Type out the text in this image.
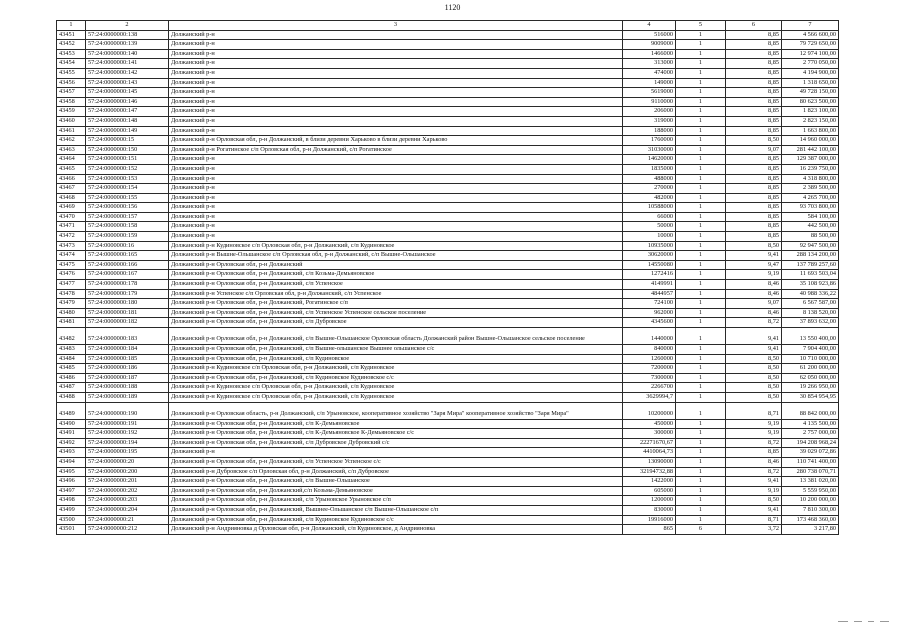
1120
1	2	3	4	5	6	7
43451	57:24:0000000:138	Должанский р-н	516000	1	8,85	4 566 600,00
43452	57:24:0000000:139	Должанский р-н	9009000	1	8,85	79 729 650,00
43453	57:24:0000000:140	Должанский р-н	1466000	1	8,85	12 974 100,00
43454	57:24:0000000:141	Должанский р-н	313000	1	8,85	2 770 050,00
43455	57:24:0000000:142	Должанский р-н	474000	1	8,85	4 194 900,00
43456	57:24:0000000:143	Должанский р-н	149000	1	8,85	1 318 650,00
43457	57:24:0000000:145	Должанский р-н	5619000	1	8,85	49 728 150,00
43458	57:24:0000000:146	Должанский р-н	9110000	1	8,85	80 623 500,00
43459	57:24:0000000:147	Должанский р-н	206000	1	8,85	1 823 100,00
43460	57:24:0000000:148	Должанский р-н	319000	1	8,85	2 823 150,00
43461	57:24:0000000:149	Должанский р-н	188000	1	8,85	1 663 800,00
43462	57:24:0000000:15	Должанский р-н Орловская обл, р-н Должанский, в близи деревни Харьково в близи деревни Харьково	1760000	1	8,50	14 960 000,00
43463	57:24:0000000:150	Должанский р-н Рогатинское с/п Орловская обл, р-н Должанский, с/п Рогатинское	31030000	1	9,07	281 442 100,00
43464	57:24:0000000:151	Должанский р-н	14620000	1	8,85	129 387 000,00
43465	57:24:0000000:152	Должанский р-н	1835000	1	8,85	16 239 750,00
43466	57:24:0000000:153	Должанский р-н	488000	1	8,85	4 318 800,00
43467	57:24:0000000:154	Должанский р-н	270000	1	8,85	2 389 500,00
43468	57:24:0000000:155	Должанский р-н	482000	1	8,85	4 265 700,00
43469	57:24:0000000:156	Должанский р-н	10588000	1	8,85	93 703 800,00
43470	57:24:0000000:157	Должанский р-н	66000	1	8,85	584 100,00
43471	57:24:0000000:158	Должанский р-н	50000	1	8,85	442 500,00
43472	57:24:0000000:159	Должанский р-н	10000	1	8,85	88 500,00
43473	57:24:0000000:16	Должанский р-н Кудиновское с/п Орловская обл, р-н Должанский, с/п Кудиновское	10935000	1	8,50	92 947 500,00
43474	57:24:0000000:165	Должанский р-н Вышне-Ольшанское с/п Орловская обл, р-н Должанский, с/п Вышне-Ольшанское	30620000	1	9,41	288 134 200,00
43475	57:24:0000000:166	Должанский р-н Орловская обл, р-н Должанский	14550080	1	9,47	137 789 257,60
43476	57:24:0000000:167	Должанский р-н Орловская обл, р-н Должанский, с/п Козьма-Демьяновское	1272416	1	9,19	11 693 503,04
43477	57:24:0000000:178	Должанский р-н Орловская обл, р-н Должанский, с/п Успенское	4149991	1	8,46	35 108 923,86
43478	57:24:0000000:179	Должанский р-н Успенское с/п Орловская обл, р-н Должанский, с/п Успенское	4844957	1	8,46	40 988 336,22
43479	57:24:0000000:180	Должанский р-н Орловская обл, р-н Должанский, Рогатинское с/п	724100	1	9,07	6 567 587,00
43480	57:24:0000000:181	Должанский р-н Орловская обл, р-н Должанский, с/п Успенское Успенское сельское поселение	962000	1	8,46	8 138 520,00
43481	57:24:0000000:182	Должанский р-н Орловская обл, р-н Должанский, с/п Дубровское	4345600	1	8,72	37 893 632,00
43482	57:24:0000000:183	Должанский р-н Орловская обл, р-н Должанский, с/п Вышне-Ольшанское Орловская область Должанский район Вышне-Ольшанское сельское поселение	1440000	1	9,41	13 550 400,00
43483	57:24:0000000:184	Должанский р-н Орловская обл, р-н Должанский, с/п Вышне-ольшанское Вышнее ольшанское с/с	840000	1	9,41	7 904 400,00
43484	57:24:0000000:185	Должанский р-н Орловская обл, р-н Должанский, с/п Кудиновское	1260000	1	8,50	10 710 000,00
43485	57:24:0000000:186	Должанский р-н Кудиновское с/п Орловская обл, р-н Должанский, с/п Кудиновское	7200000	1	8,50	61 200 000,00
43486	57:24:0000000:187	Должанский р-н Орловская обл, р-н Должанский, с/п Кудиновское Кудиновское с/с	7300000	1	8,50	62 050 000,00
43487	57:24:0000000:188	Должанский р-н Кудиновское с/п Орловская обл, р-н Должанский, с/п Кудиновское	2266700	1	8,50	19 266 950,00
43488	57:24:0000000:189	Должанский р-н Кудиновское с/п Орловская обл, р-н Должанский, с/п Кудиновское	3629994,7	1	8,50	30 854 954,95
43489	57:24:0000000:190	Должанский р-н Орловская область, р-н Должанский, с/п Урыновское, кооперативное хозяйство "Заря Мира" кооперативное хозяйство "Заря Мира"	10200000	1	8,71	88 842 000,00
43490	57:24:0000000:191	Должанский р-н Орловская обл, р-н Должанский, с/п К-Демьяновское	450000	1	9,19	4 135 500,00
43491	57:24:0000000:192	Должанский р-н Орловская обл, р-н Должанский, с/п К-Демьяновское К-Демьяновское с/с	300000	1	9,19	2 757 000,00
43492	57:24:0000000:194	Должанский р-н Орловская обл, р-н Должанский, с/п Дубровское Дубровский с/с	22271670,67	1	8,72	194 208 968,24
43493	57:24:0000000:195	Должанский р-н	4410064,73	1	8,85	39 029 072,86
43494	57:24:0000000:20	Должанский р-н Орловская обл, р-н Должанский, с/п Успенское Успенское с/с	13090000	1	8,46	110 741 400,00
43495	57:24:0000000:200	Должанский р-н Дубровское с/п Орловская обл, р-н Должанский, с/п Дубровское	32194732,88	1	8,72	280 738 070,71
43496	57:24:0000000:201	Должанский р-н Орловская обл, р-н Должанский, с/п Вышне-Ольшанское	1422000	1	9,41	13 381 020,00
43497	57:24:0000000:202	Должанский р-н Орловская обл, р-н Должанский,с/п Козьма-Демьяновское	605000	1	9,19	5 559 950,00
43498	57:24:0000000:203	Должанский р-н Орловская обл, р-н Должанский, с/п Урыновское Урыновское с/п	1200000	1	8,50	10 200 000,00
43499	57:24:0000000:204	Должанский р-н Орловская обл, р-н Должанский, Вышнее-Ольшанское с/п Вышне-Ольшанское с/п	830000	1	9,41	7 810 300,00
43500	57:24:0000000:21	Должанский р-н Орловская обл, р-н Должанский, с/п Кудиновское Кудиновское с/с	19916000	1	8,71	173 468 360,00
43501	57:24:0000000:212	Должанский р-н Андрияновка д Орловская обл, р-н Должанский, с/п Кудиновское, д Андрияновка	865	6	3,72	3 217,80
